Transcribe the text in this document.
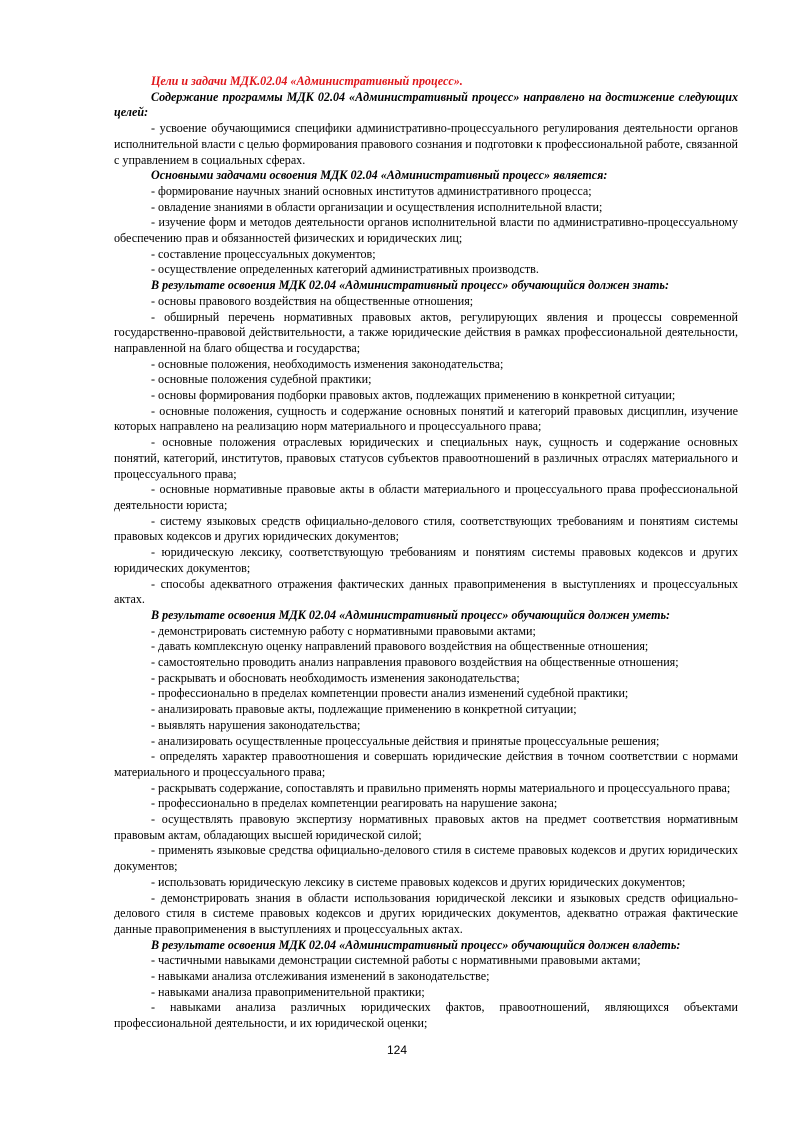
Цели и задачи МДК.02.04 «Административный процесс».

Содержание программы МДК 02.04 «Административный процесс» направлено на достижение следующих целей:

- усвоение обучающимися специфики административно-процессуального регулирования деятельности органов исполнительной власти с целью формирования правового сознания и подготовки к профессиональной работе, связанной с управлением в социальных сферах.

Основными задачами освоения МДК 02.04 «Административный процесс» является:

- формирование научных знаний основных институтов административного процесса;

- овладение знаниями в области организации и осуществления исполнительной власти;

- изучение форм и методов деятельности органов исполнительной власти по административно-процессуальному обеспечению прав и обязанностей физических и юридических лиц;

- составление процессуальных документов;

- осуществление определенных категорий административных производств.

В результате освоения МДК 02.04 «Административный процесс» обучающийся должен знать:

- основы правового воздействия на общественные отношения;

- обширный перечень нормативных правовых актов, регулирующих явления и процессы современной государственно-правовой действительности, а также юридические действия в рамках профессиональной деятельности, направленной на благо общества и государства;

- основные положения, необходимость изменения законодательства;

- основные положения судебной практики;

- основы формирования подборки правовых актов, подлежащих применению в конкретной ситуации;

- основные положения, сущность и содержание основных понятий и категорий правовых дисциплин, изучение которых направлено на реализацию норм материального и процессуального права;

- основные положения отраслевых юридических и специальных наук, сущность и содержание основных понятий, категорий, институтов, правовых статусов субъектов правоотношений в различных отраслях материального и процессуального права;

- основные нормативные правовые акты в области материального и процессуального права профессиональной деятельности юриста;

- систему языковых средств официально-делового стиля, соответствующих требованиям и понятиям системы правовых кодексов и других юридических документов;

- юридическую лексику, соответствующую требованиям и понятиям системы правовых кодексов и других юридических документов;

- способы адекватного отражения фактических данных правоприменения в выступлениях и процессуальных актах.

В результате освоения МДК 02.04 «Административный процесс» обучающийся должен уметь:

- демонстрировать системную работу с нормативными правовыми актами;

- давать комплексную оценку направлений правового воздействия на общественные отношения;

- самостоятельно проводить анализ направления правового воздействия на общественные отношения;

- раскрывать и обосновать необходимость изменения законодательства;

- профессионально в пределах компетенции провести анализ изменений судебной практики;

- анализировать правовые акты, подлежащие применению в конкретной ситуации;

- выявлять нарушения законодательства;

- анализировать осуществленные процессуальные действия и принятые процессуальные решения;

- определять характер правоотношения и совершать юридические действия в точном соответствии с нормами материального и процессуального права;

- раскрывать содержание, сопоставлять и правильно применять нормы материального и процессуального права;

- профессионально в пределах компетенции реагировать на нарушение закона;

- осуществлять правовую экспертизу нормативных правовых актов на предмет соответствия нормативным правовым актам, обладающих высшей юридической силой;

- применять языковые средства официально-делового стиля в системе правовых кодексов и других юридических документов;

- использовать юридическую лексику в системе правовых кодексов и других юридических документов;

- демонстрировать знания в области использования юридической лексики и языковых средств официально-делового стиля в системе правовых кодексов и других юридических документов, адекватно отражая фактические данные правоприменения в выступлениях и процессуальных актах.

В результате освоения МДК 02.04 «Административный процесс» обучающийся должен владеть:

- частичными навыками демонстрации системной работы с нормативными правовыми актами;

- навыками анализа отслеживания изменений в законодательстве;

- навыками анализа правоприменительной практики;

- навыками анализа различных юридических фактов, правоотношений, являющихся объектами профессиональной деятельности, и их юридической оценки;

124
